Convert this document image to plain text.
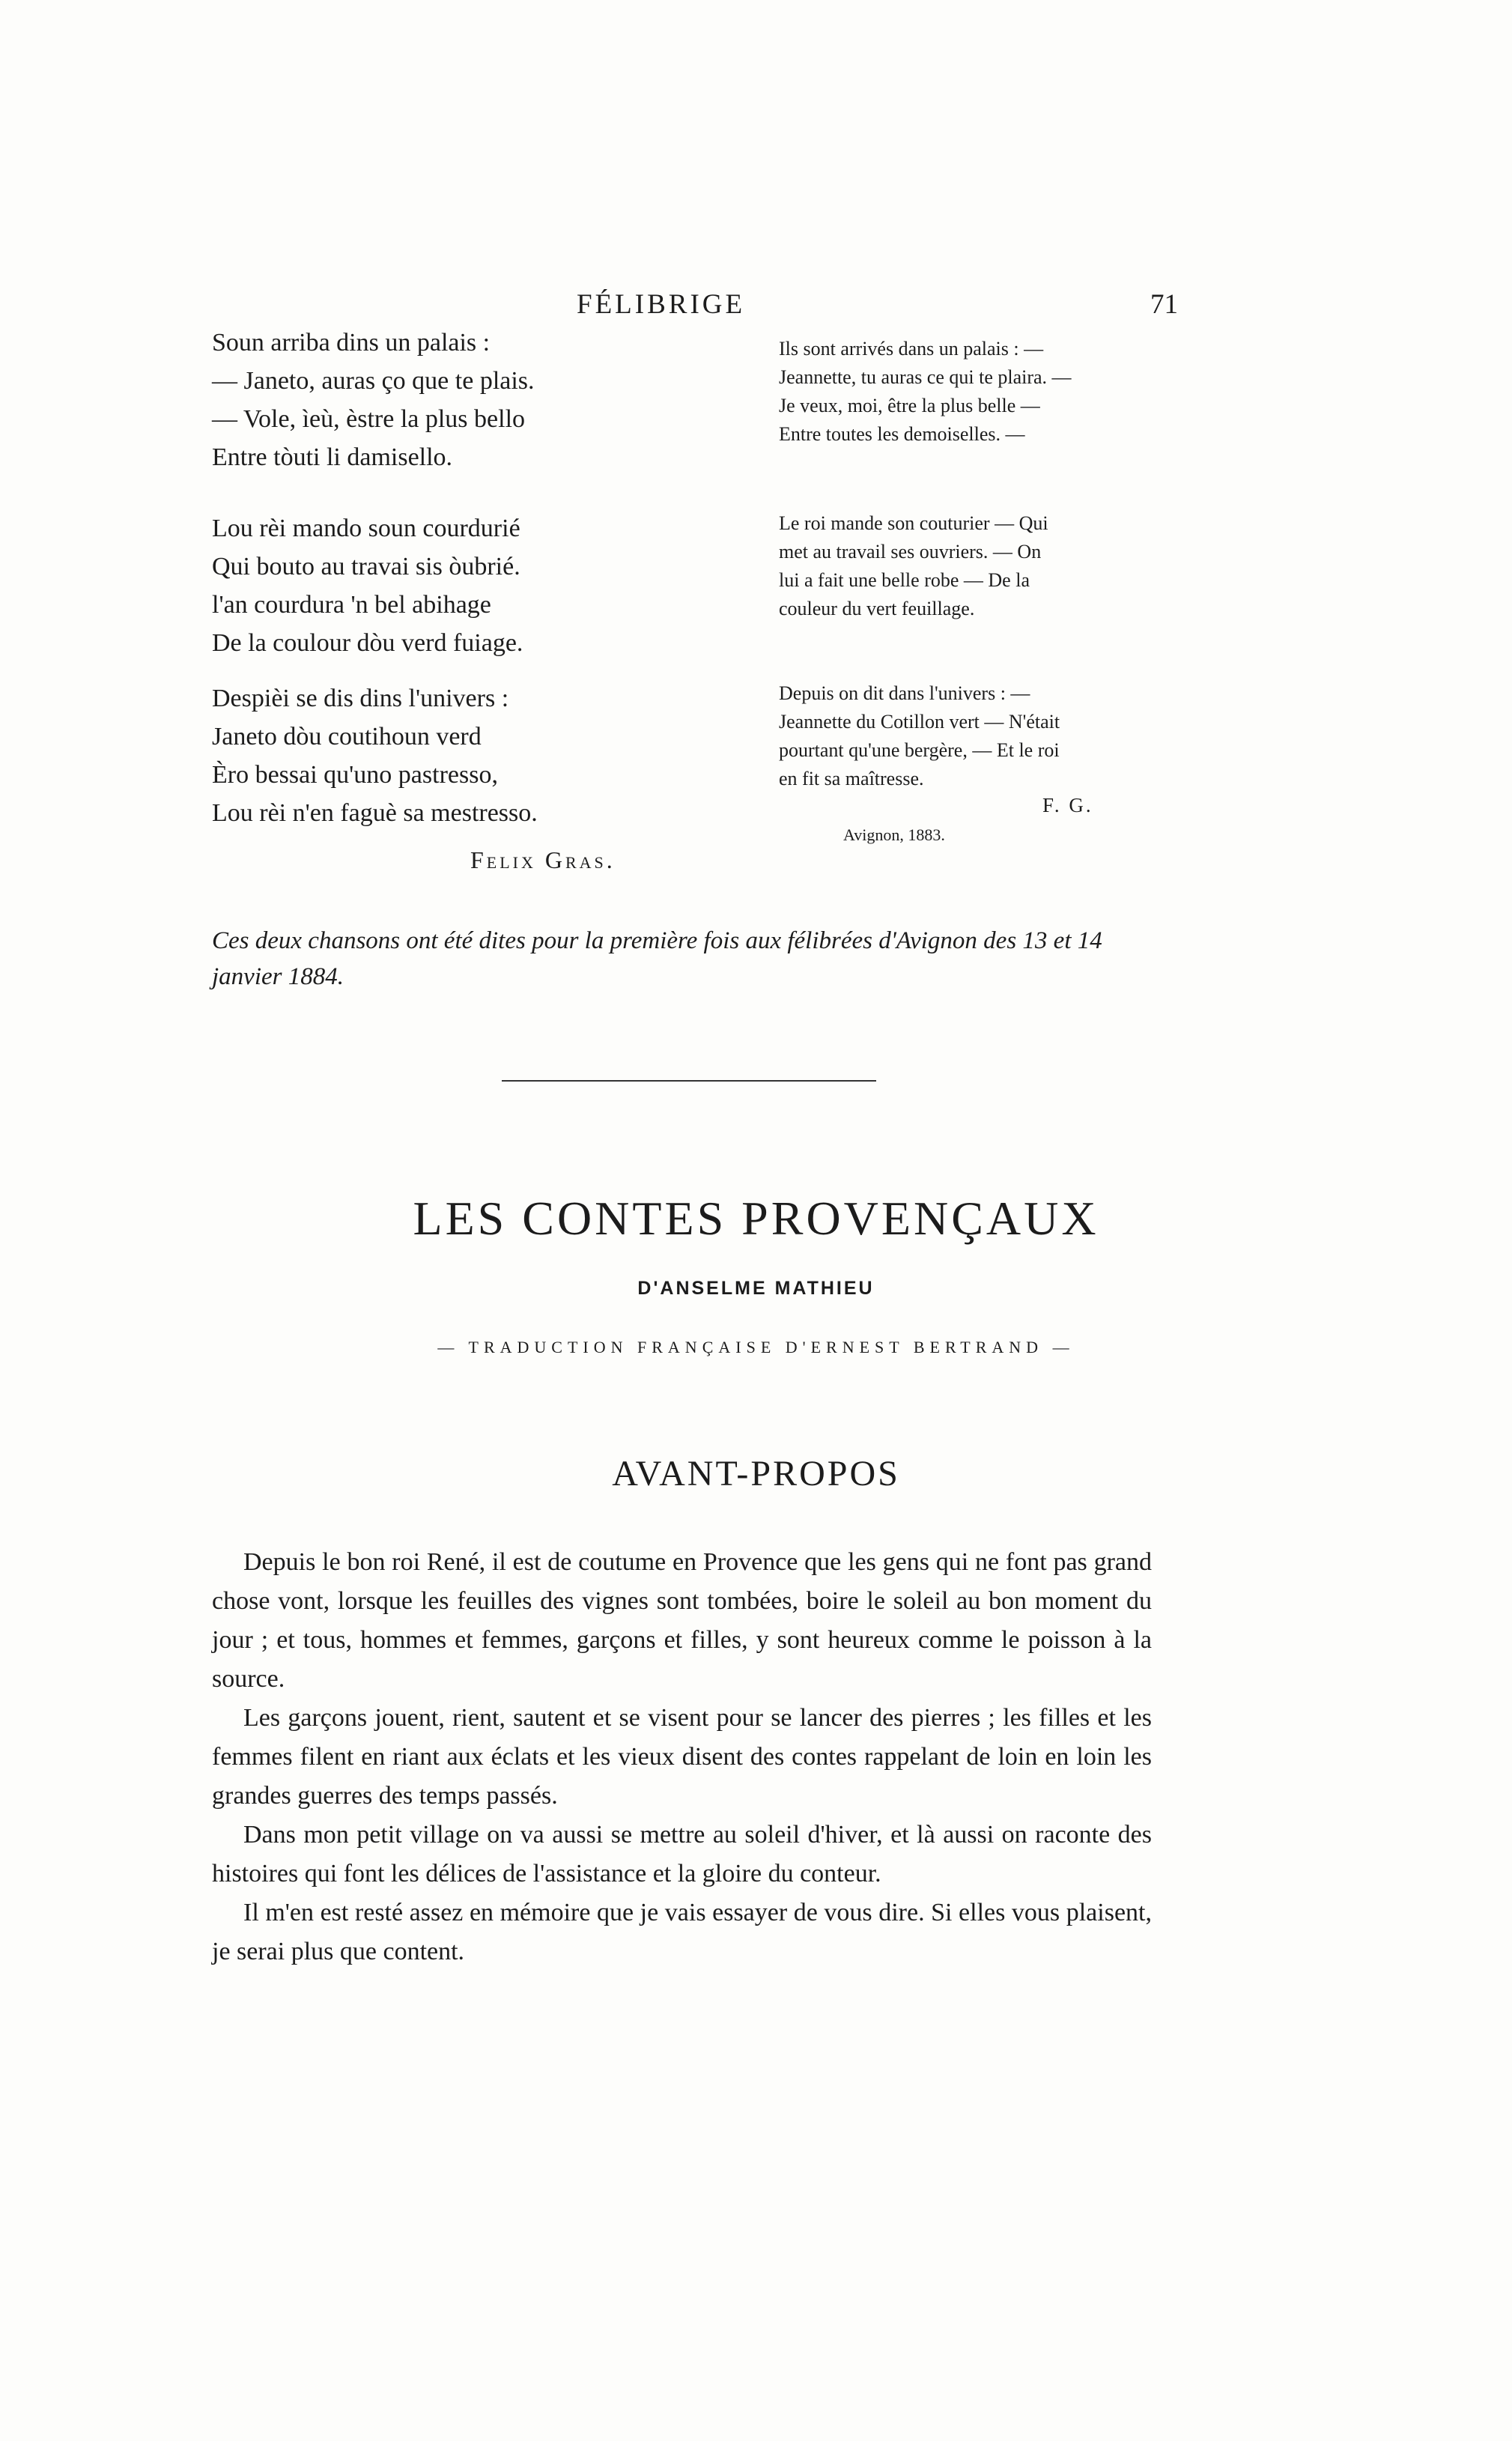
FÉLIBRIGE	71
Soun arriba dins un palais :
— Janeto, auras ço que te plais.
— Vole, ìeù, èstre la plus bello
Entre tòuti li damisello.
Lou rèi mando soun courdurié
Qui bouto au travai sis òubrié.
l'an courdura 'n bel abihage
De la coulour dòu verd fuiage.
Despièi se dis dins l'univers :
Janeto dòu coutihoun verd
Èro bessai qu'uno pastresso,
Lou rèi n'en faguè sa mestresso.
Felix Gras.
Ils sont arrivés dans un palais : —
Jeannette, tu auras ce qui te plaira. —
Je veux, moi, être la plus belle —
Entre toutes les demoiselles. —
Le roi mande son couturier — Qui
met au travail ses ouvriers. — On
lui a fait une belle robe — De la
couleur du vert feuillage.
Depuis on dit dans l'univers : —
Jeannette du Cotillon vert — N'était
pourtant qu'une bergère, — Et le roi
en fit sa maîtresse.
F. G.
Avignon, 1883.
Ces deux chansons ont été dites pour la première fois aux félibrées d'Avignon des 13 et 14 janvier 1884.
LES CONTES PROVENÇAUX
D'ANSELME MATHIEU
— TRADUCTION FRANÇAISE D'ERNEST BERTRAND —
AVANT-PROPOS

Depuis le bon roi René, il est de coutume en Provence que les gens qui ne font pas grand chose vont, lorsque les feuilles des vignes sont tombées, boire le soleil au bon moment du jour ; et tous, hommes et femmes, garçons et filles, y sont heureux comme le poisson à la source.

Les garçons jouent, rient, sautent et se visent pour se lancer des pierres ; les filles et les femmes filent en riant aux éclats et les vieux disent des contes rappelant de loin en loin les grandes guerres des temps passés.

Dans mon petit village on va aussi se mettre au soleil d'hiver, et là aussi on raconte des histoires qui font les délices de l'assistance et la gloire du conteur.

Il m'en est resté assez en mémoire que je vais essayer de vous dire. Si elles vous plaisent, je serai plus que content.
